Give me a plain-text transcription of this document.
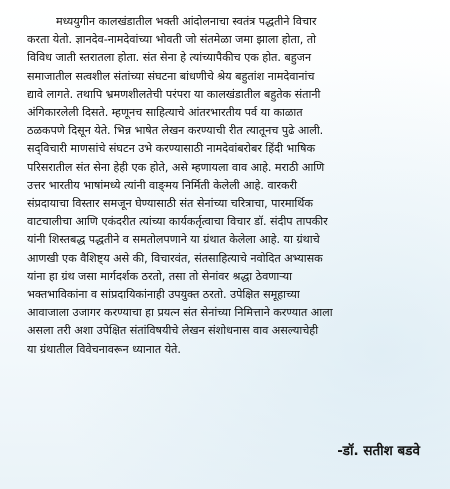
मध्ययुगीन कालखंडातील भक्ती आंदोलनाचा स्वतंत्र पद्धतीने विचार
करता येतो. ज्ञानदेव-नामदेवांच्या भोवती जो संतमेळा जमा झाला होता, तो
विविध जाती स्तरातला होता. संत सेना हे त्यांच्यापैकीच एक होत. बहुजन
समाजातील सत्वशील संतांच्या संघटना बांधणीचे श्रेय बहुतांश नामदेवानांच
द्यावे लागते. तथापि भ्रमणशीलतेची परंपरा या कालखंडातील बहुतेक संतानी
अंगिकारलेली दिसते. म्हणूनच साहित्याचे आंतरभारतीय पर्व या काळात
ठळकपणे दिसून येते. भिन्न भाषेत लेखन करण्याची रीत त्यातूनच पुढे आली.
सद्‌विचारी माणसांचे संघटन उभे करण्यासाठी नामदेवांबरोबर हिंदी भाषिक
परिसरातील संत सेना हेही एक होते, असे म्हणायला वाव आहे. मराठी आणि
उत्तर भारतीय भाषांमध्ये त्यांनी वाङ्‌मय निर्मिती केलेली आहे. वारकरी
संप्रदायाचा विस्तार समजून घेण्यासाठी संत सेनांच्या चरित्राचा, पारमार्थिक
वाटचालीचा आणि एकंदरीत त्यांच्या कार्यकर्तृत्वाचा विचार डॉ. संदीप तापकीर
यांनी शिस्तबद्ध पद्धतीने व समतोलपणाने या ग्रंथात केलेला आहे. या ग्रंथाचे
आणखी एक वैशिष्ट्य असे की, विचारवंत, संतसाहित्याचे नवोदित अभ्यासक
यांना हा ग्रंथ जसा मार्गदर्शक ठरतो, तसा तो सेनांवर श्रद्धा ठेवणाऱ्या
भक्तभाविकांना व सांप्रदायिकांनाही उपयुक्त ठरतो. उपेक्षित समूहाच्या
आवाजाला उजागर करण्याचा हा प्रयत्न संत सेनांच्या निमित्ताने करण्यात आला
असला तरी अशा उपेक्षित संतांविषयीचे लेखन संशोधनास वाव असल्याचेही
या ग्रंथातील विवेचनावरून ध्यानात येते.
-डॉ. सतीश बडवे
